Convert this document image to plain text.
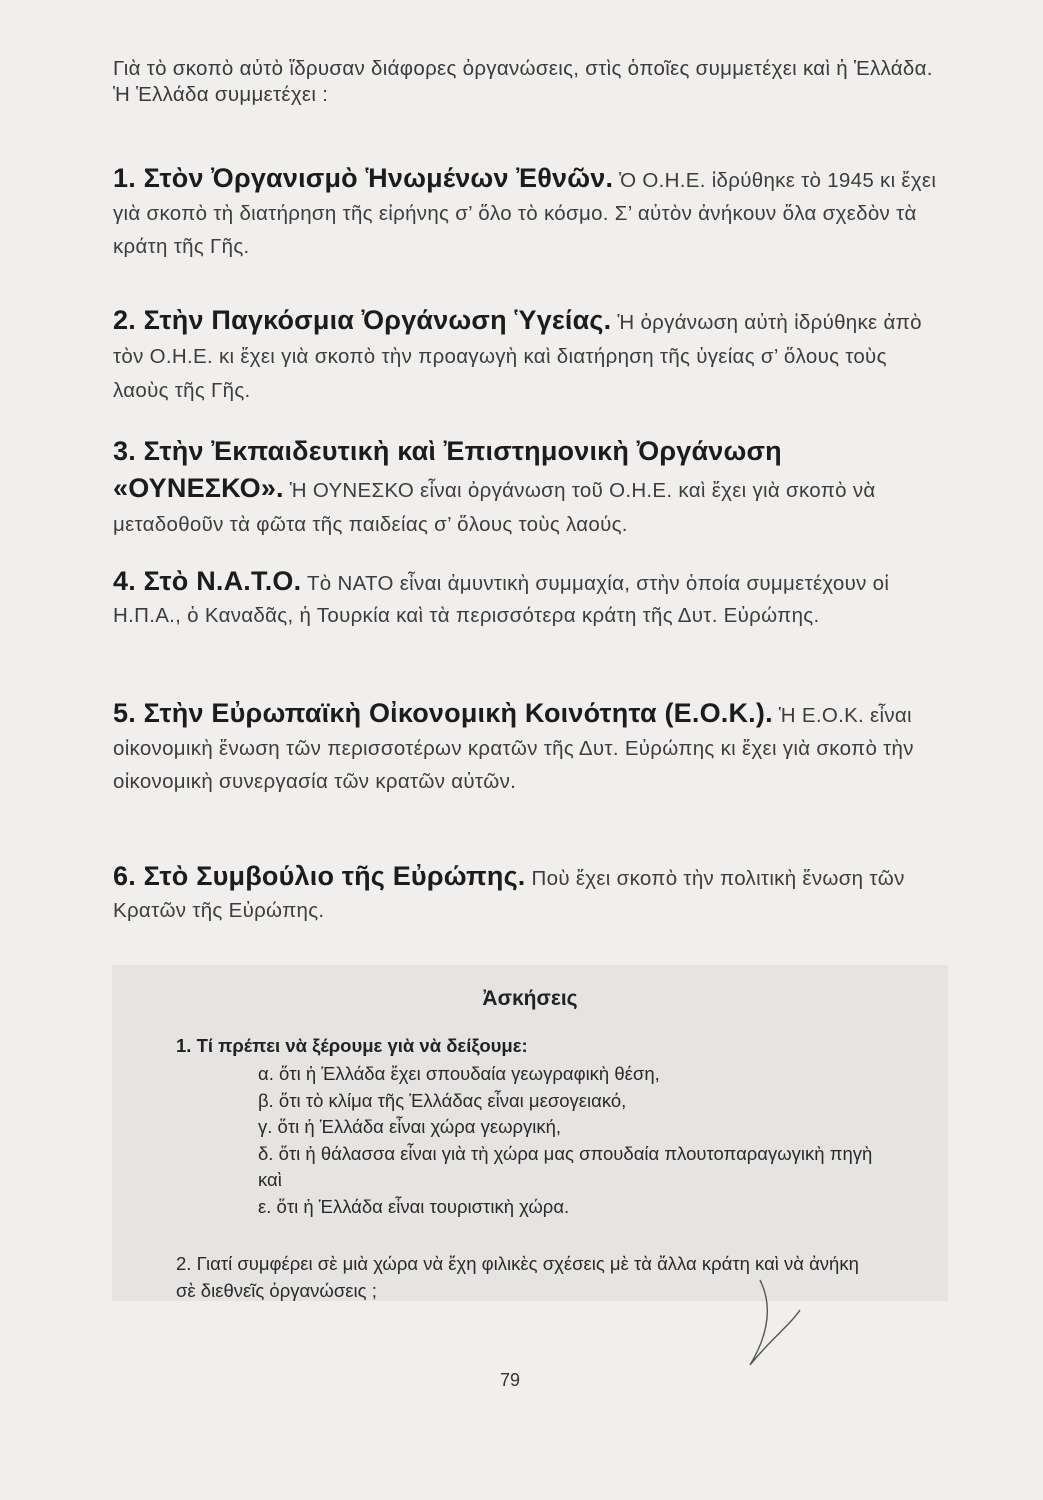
Γιὰ τὸ σκοπὸ αὐτὸ ἵδρυσαν διάφορες ὀργανώσεις, στὶς ὁποῖες συμμετέχει καὶ ἡ Ἑλλάδα.
Ἡ Ἑλλάδα συμμετέχει :
1. Στὸν Ὀργανισμὸ Ἡνωμένων Ἐθνῶν. Ὁ Ο.Η.Ε. ἱδρύθηκε τὸ 1945 κι ἔχει γιὰ σκοπὸ τὴ διατήρηση τῆς εἰρήνης σ’ ὅλο τὸ κόσμο. Σ’ αὐτὸν ἀνήκουν ὅλα σχεδὸν τὰ κράτη τῆς Γῆς.
2. Στὴν Παγκόσμια Ὀργάνωση Ὑγείας. Ἡ ὀργάνωση αὐτὴ ἱδρύθηκε ἀπὸ τὸν Ο.Η.Ε. κι ἔχει γιὰ σκοπὸ τὴν προαγωγὴ καὶ διατήρηση τῆς ὑγείας σ’ ὅλους τοὺς λαοὺς τῆς Γῆς.
3. Στὴν Ἐκπαιδευτικὴ καὶ Ἐπιστημονικὴ Ὀργάνωση «ΟΥΝΕΣΚΟ». Ἡ ΟΥΝΕΣΚΟ εἶναι ὀργάνωση τοῦ Ο.Η.Ε. καὶ ἔχει γιὰ σκοπὸ νὰ μεταδοθοῦν τὰ φῶτα τῆς παιδείας σ’ ὅλους τοὺς λαούς.
4. Στὸ Ν.Α.Τ.Ο. Τὸ ΝΑΤΟ εἶναι ἀμυντικὴ συμμαχία, στὴν ὁποία συμμετέχουν οἱ Η.Π.Α., ὁ Καναδᾶς, ἡ Τουρκία καὶ τὰ περισσότερα κράτη τῆς Δυτ. Εὐρώπης.
5. Στὴν Εὐρωπαϊκὴ Οἰκονομικὴ Κοινότητα (Ε.Ο.Κ.). Ἡ Ε.Ο.Κ. εἶναι οἰκονομικὴ ἕνωση τῶν περισσοτέρων κρατῶν τῆς Δυτ. Εὐρώπης κι ἔχει γιὰ σκοπὸ τὴν οἰκονομικὴ συνεργασία τῶν κρατῶν αὐτῶν.
6. Στὸ Συμβούλιο τῆς Εὐρώπης. Ποὺ ἔχει σκοπὸ τὴν πολιτικὴ ἕνωση τῶν Κρατῶν τῆς Εὐρώπης.
Ἀσκήσεις
1. Τί πρέπει νὰ ξέρουμε γιὰ νὰ δείξουμε:
α. ὅτι ἡ Ἑλλάδα ἔχει σπουδαία γεωγραφικὴ θέση,
β. ὅτι τὸ κλίμα τῆς Ἑλλάδας εἶναι μεσογειακό,
γ. ὅτι ἡ Ἑλλάδα εἶναι χώρα γεωργική,
δ. ὅτι ἡ θάλασσα εἶναι γιὰ τὴ χώρα μας σπουδαία πλουτοπαραγωγικὴ πηγὴ καὶ
ε. ὅτι ἡ Ἑλλάδα εἶναι τουριστικὴ χώρα.
2. Γιατί συμφέρει σὲ μιὰ χώρα νὰ ἔχη φιλικὲς σχέσεις μὲ τὰ ἄλλα κράτη καὶ νὰ ἀνήκη σὲ διεθνεῖς ὀργανώσεις ;
79
